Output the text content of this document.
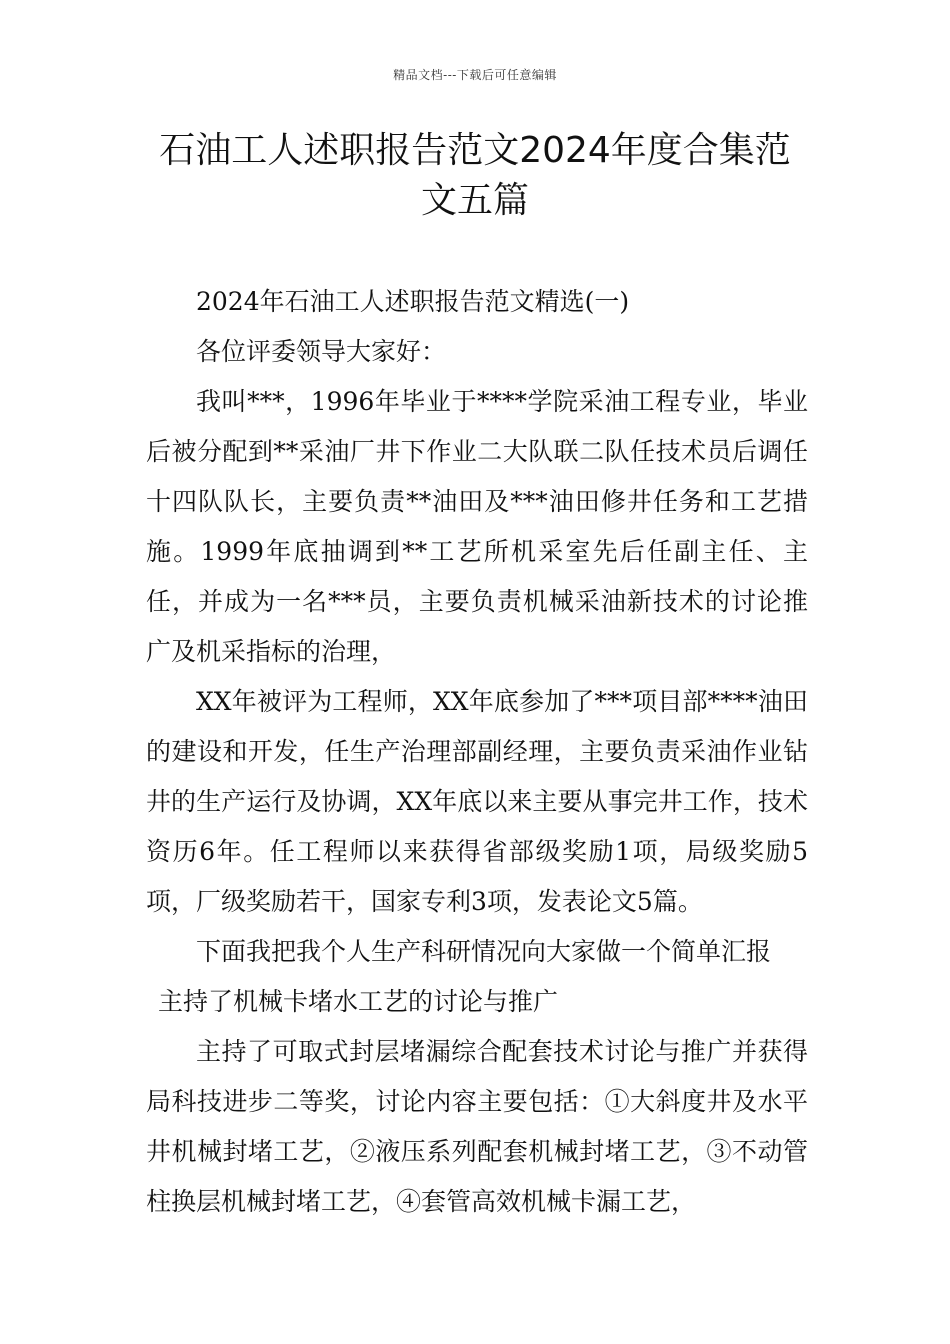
精品文档---下载后可任意编辑
石油工人述职报告范文2024年度合集范文五篇

2024年石油工人述职报告范文精选(一)

各位评委领导大家好：

我叫***，1996年毕业于****学院采油工程专业，毕业后被分配到**采油厂井下作业二大队联二队任技术员后调任十四队队长，主要负责**油田及***油田修井任务和工艺措施。1999年底抽调到**工艺所机采室先后任副主任、主任，并成为一名***员，主要负责机械采油新技术的讨论推广及机采指标的治理，

XX年被评为工程师，XX年底参加了***项目部****油田的建设和开发，任生产治理部副经理，主要负责采油作业钻井的生产运行及协调，XX年底以来主要从事完井工作，技术资历6年。任工程师以来获得省部级奖励1项，局级奖励5项，厂级奖励若干，国家专利3项，发表论文5篇。

下面我把我个人生产科研情况向大家做一个简单汇报

主持了机械卡堵水工艺的讨论与推广

主持了可取式封层堵漏综合配套技术讨论与推广并获得局科技进步二等奖，讨论内容主要包括：①大斜度井及水平井机械封堵工艺，②液压系列配套机械封堵工艺，③不动管柱换层机械封堵工艺，④套管高效机械卡漏工艺，
